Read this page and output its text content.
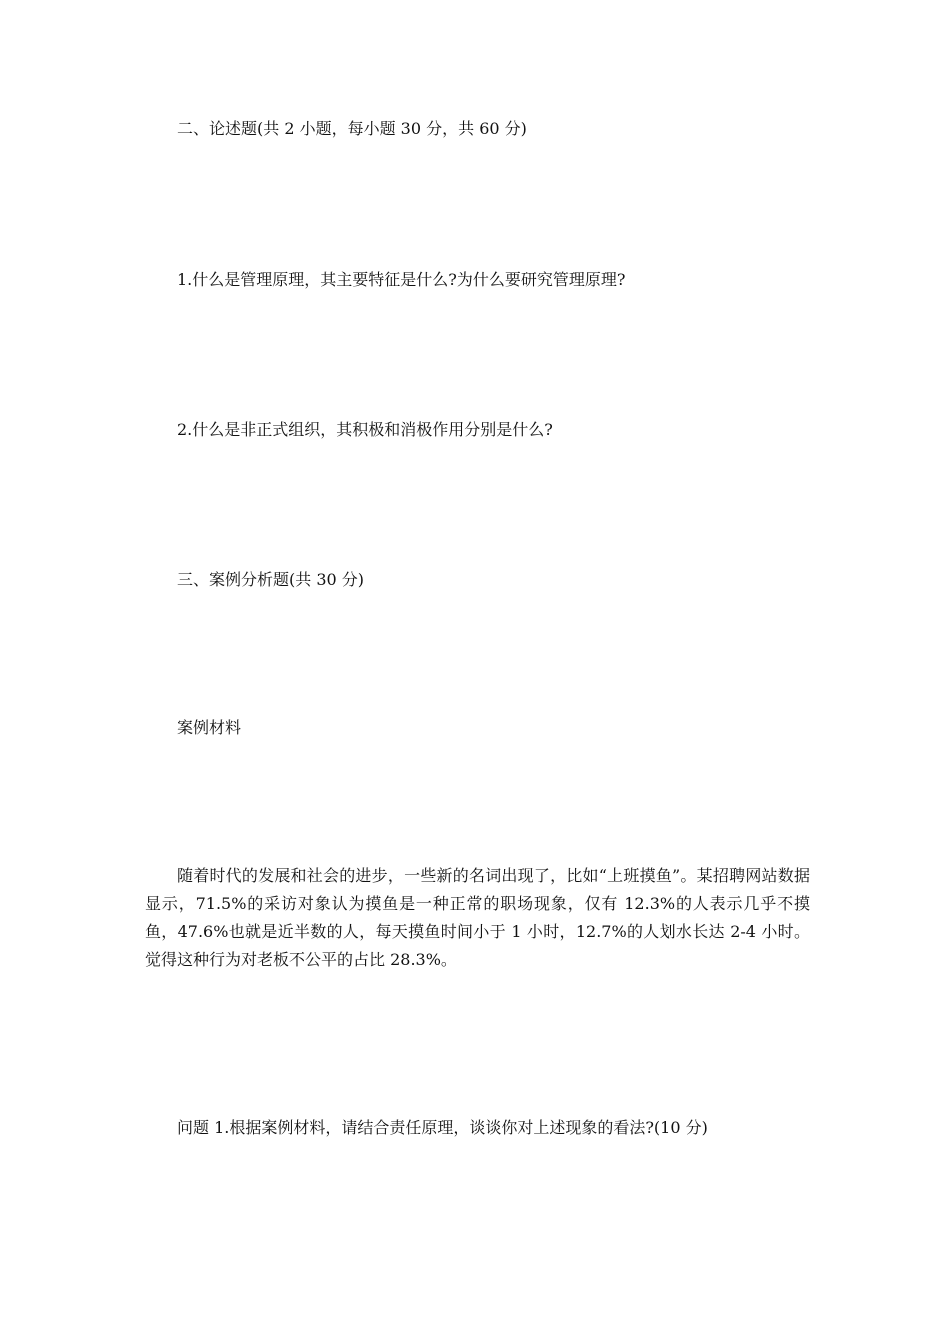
二、论述题(共 2 小题，每小题 30 分，共 60 分)
1.什么是管理原理，其主要特征是什么?为什么要研究管理原理?
2.什么是非正式组织，其积极和消极作用分别是什么?
三、案例分析题(共 30 分)
案例材料

随着时代的发展和社会的进步，一些新的名词出现了，比如“上班摸鱼”。某招聘网站数据显示，71.5%的采访对象认为摸鱼是一种正常的职场现象，仅有 12.3%的人表示几乎不摸鱼，47.6%也就是近半数的人，每天摸鱼时间小于 1 小时，12.7%的人划水长达 2-4 小时。觉得这种行为对老板不公平的占比 28.3%。

问题 1.根据案例材料，请结合责任原理，谈谈你对上述现象的看法?(10 分)
